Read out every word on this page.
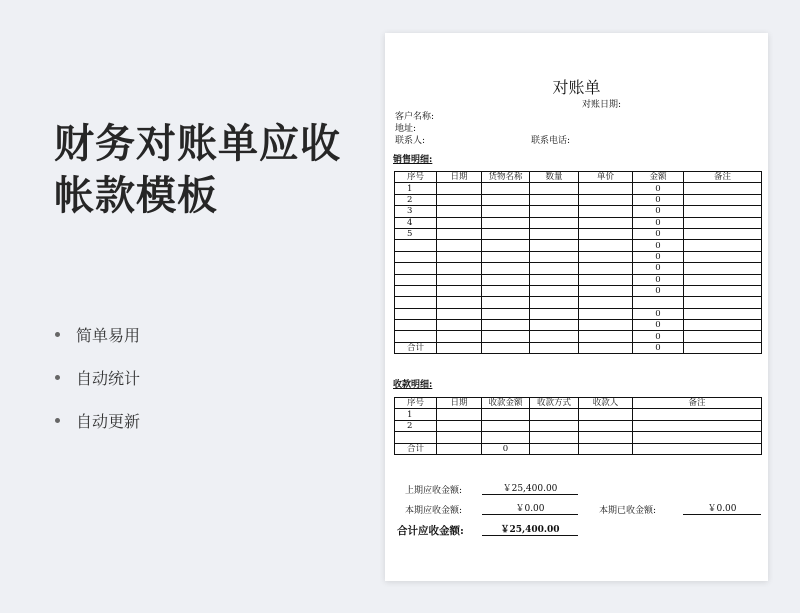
财务对账单应收
帐款模板
简单易用
自动统计
自动更新
对账单
对账日期:
客户名称:
地址:
联系人:	联系电话:
销售明细:
序号	日期	货物名称	数量	单价	金额	备注
1					0	
2					0	
3					0	
4					0	
5					0	
					0	
					0	
					0	
					0	
					0	

					0	
					0	
					0	
合计					0	
收款明细:
序号	日期	收款金额	收款方式	收款人	备注
1					
2					

合计		0			
上期应收金额:	￥25,400.00
本期应收金额:	￥0.00	本期已收金额:	￥0.00
合计应收金额:	￥25,400.00
